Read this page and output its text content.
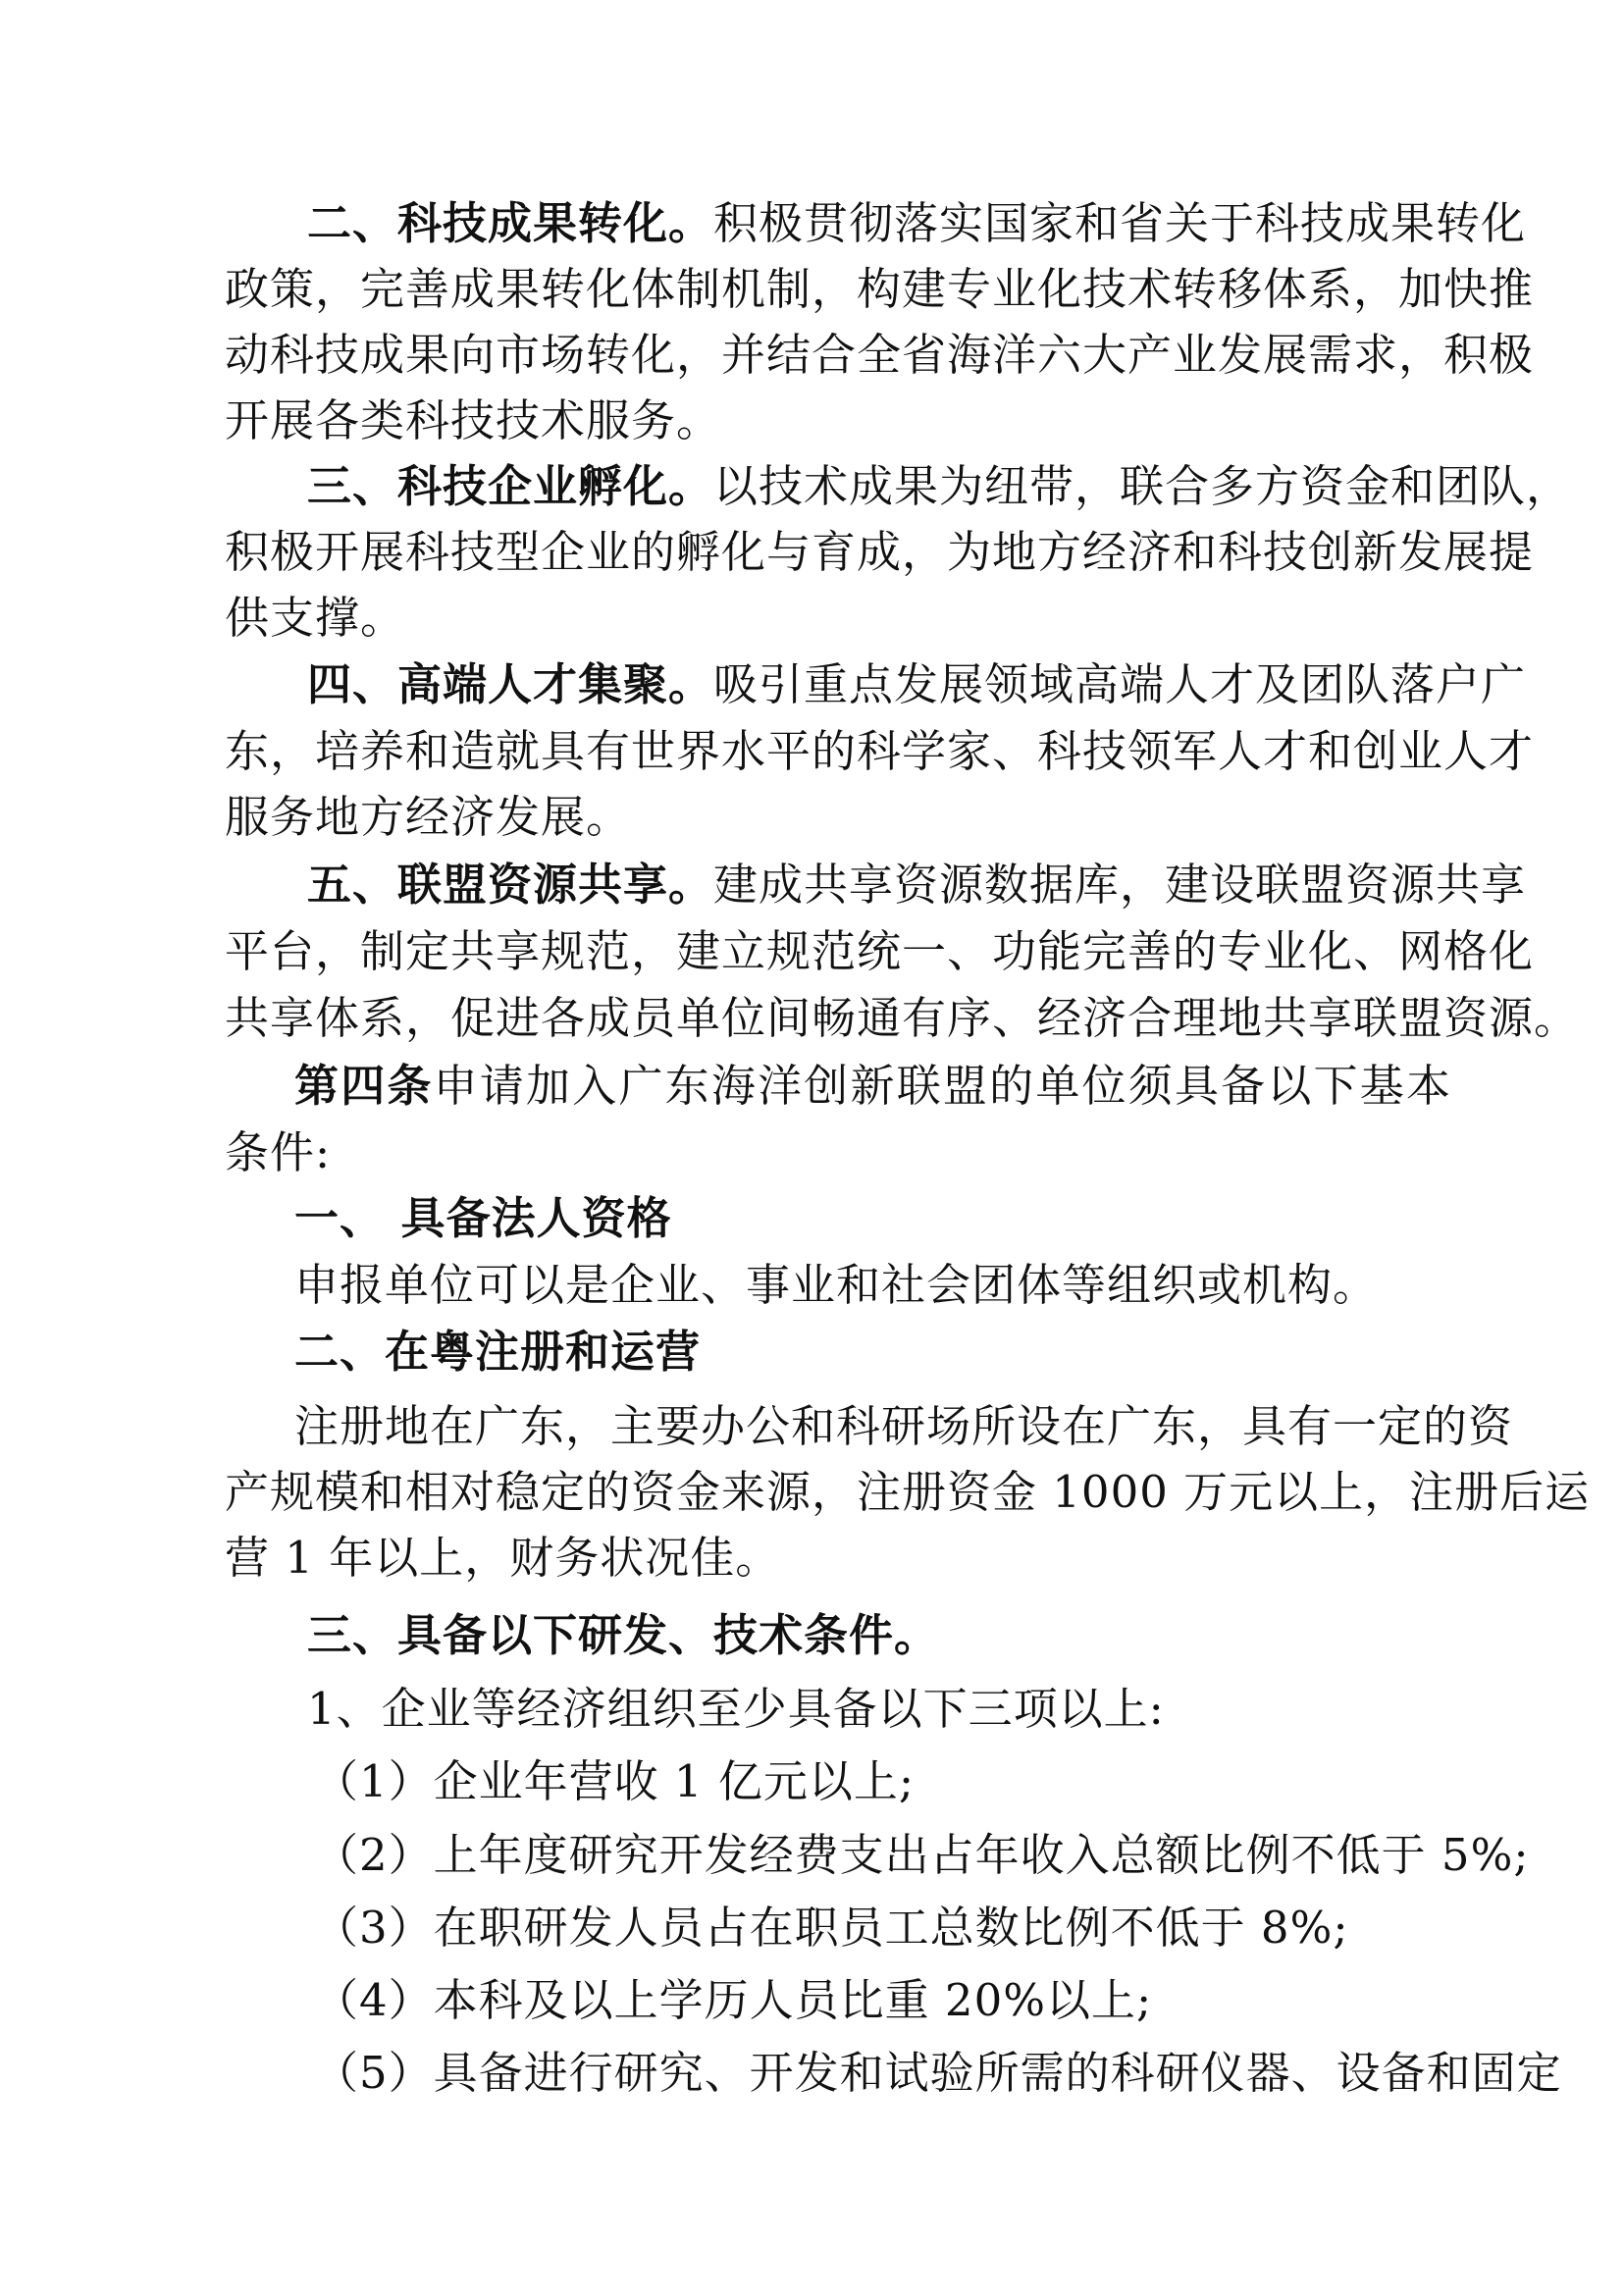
二、科技成果转化。积极贯彻落实国家和省关于科技成果转化
政策，完善成果转化体制机制，构建专业化技术转移体系，加快推
动科技成果向市场转化，并结合全省海洋六大产业发展需求，积极
开展各类科技技术服务。
三、科技企业孵化。以技术成果为纽带，联合多方资金和团队，
积极开展科技型企业的孵化与育成，为地方经济和科技创新发展提
供支撑。
四、高端人才集聚。吸引重点发展领域高端人才及团队落户广
东，培养和造就具有世界水平的科学家、科技领军人才和创业人才
服务地方经济发展。
五、联盟资源共享。建成共享资源数据库，建设联盟资源共享
平台，制定共享规范，建立规范统一、功能完善的专业化、网格化
共享体系，促进各成员单位间畅通有序、经济合理地共享联盟资源。
第四条申请加入广东海洋创新联盟的单位须具备以下基本
条件:
一、 具备法人资格
申报单位可以是企业、事业和社会团体等组织或机构。
二、在粤注册和运营
注册地在广东，主要办公和科研场所设在广东，具有一定的资
产规模和相对稳定的资金来源，注册资金 1000 万元以上，注册后运
营 1 年以上，财务状况佳。
三、具备以下研发、技术条件。
1、企业等经济组织至少具备以下三项以上:
（1）企业年营收 1 亿元以上;
（2）上年度研究开发经费支出占年收入总额比例不低于 5%;
（3）在职研发人员占在职员工总数比例不低于 8%;
（4）本科及以上学历人员比重 20%以上;
（5）具备进行研究、开发和试验所需的科研仪器、设备和固定
